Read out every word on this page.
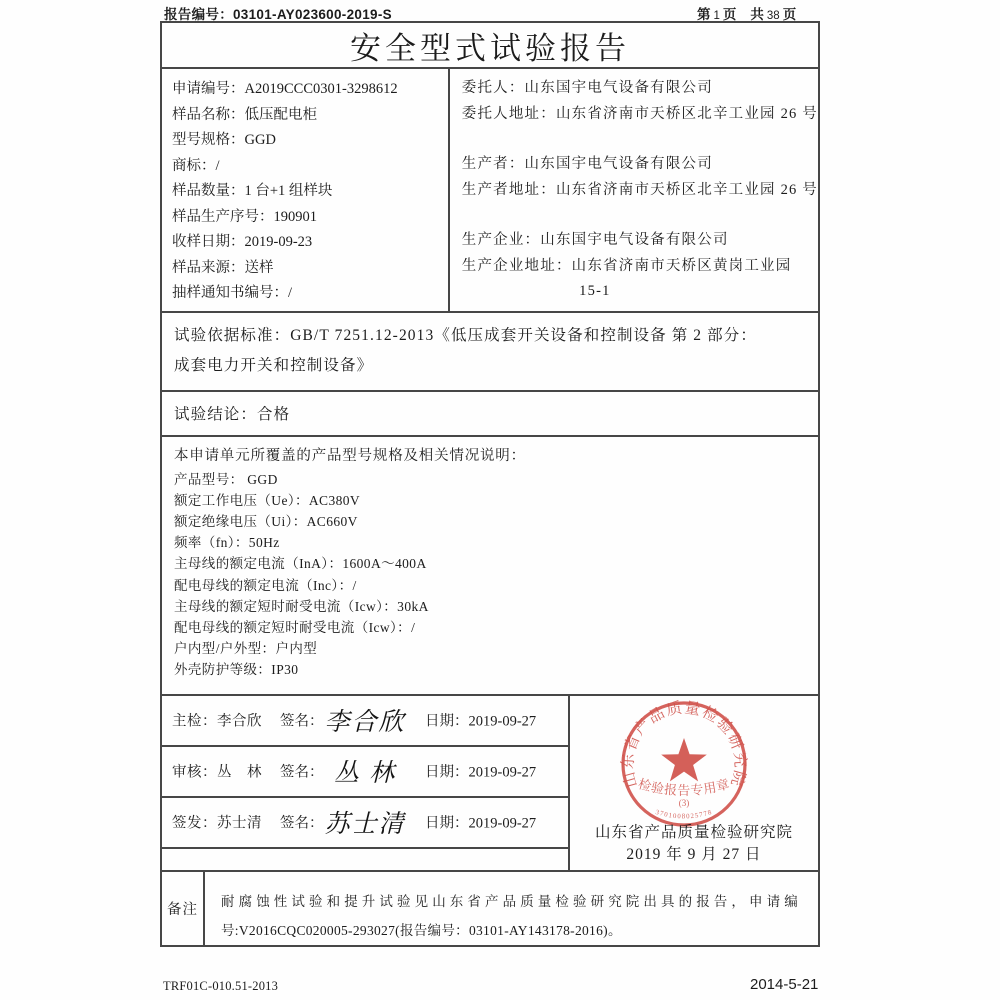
报告编号：03101-AY023600-2019-S	第 1 页 共 38 页
安全型式试验报告
申请编号：A2019CCC0301-3298612
样品名称：低压配电柜
型号规格：GGD
商标：/
样品数量：1 台+1 组样块
样品生产序号：190901
收样日期：2019-09-23
样品来源：送样
抽样通知书编号：/
委托人：山东国宇电气设备有限公司
委托人地址：山东省济南市天桥区北辛工业园 26 号
生产者：山东国宇电气设备有限公司
生产者地址：山东省济南市天桥区北辛工业园 26 号
生产企业：山东国宇电气设备有限公司
生产企业地址：山东省济南市天桥区黄岗工业园
15-1
试验依据标准：GB/T 7251.12-2013《低压成套开关设备和控制设备 第 2 部分：
成套电力开关和控制设备》
试验结论：合格
本申请单元所覆盖的产品型号规格及相关情况说明：
产品型号： GGD
额定工作电压（Ue）：AC380V
额定绝缘电压（Ui）：AC660V
频率（fn）：50Hz
主母线的额定电流（InA）：1600A～400A
配电母线的额定电流（Inc）：/
主母线的额定短时耐受电流（Icw）：30kA
配电母线的额定短时耐受电流（Icw）：/
户内型/户外型：户内型
外壳防护等级：IP30
主检：李合欣 签名： 李合欣	日期：2019-09-27
审核：丛　林 签名： 丛 林	日期：2019-09-27
签发：苏士清 签名： 苏士清	日期：2019-09-27
山东省产品质量检验研究院
检验报告专用章
(3)
3701008025778
山东省产品质量检验研究院
2019 年 9 月 27 日
备注
耐腐蚀性试验和提升试验见山东省产品质量检验研究院出具的报告，申请编
号:V2016CQC020005-293027(报告编号：03101-AY143178-2016)。
TRF01C-010.51-2013	2014-5-21
